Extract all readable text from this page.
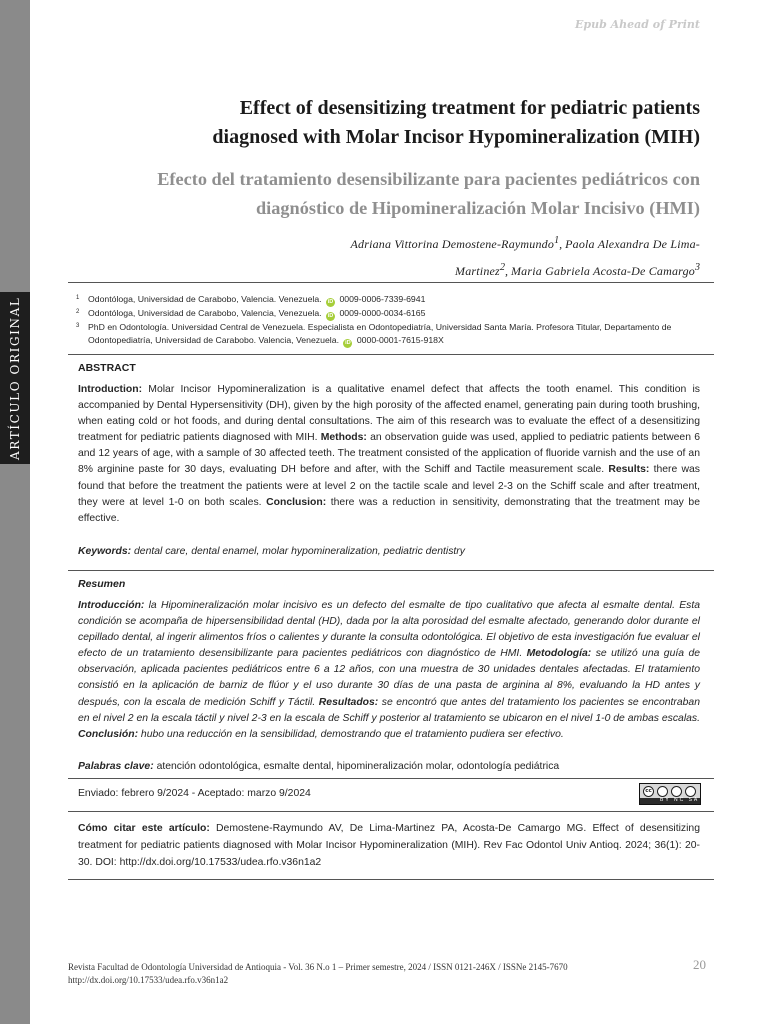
ARTÍCULO ORIGINAL
Epub Ahead of Print
Effect of desensitizing treatment for pediatric patients
diagnosed with Molar Incisor Hypomineralization (MIH)
Efecto del tratamiento desensibilizante para pacientes pediátricos con
diagnóstico de Hipomineralización Molar Incisivo (HMI)
Adriana Vittorina Demostene-Raymundo$^1$, Paola Alexandra De Lima-
Martinez$^2$, Maria Gabriela Acosta-De Camargo$^3$
1 Odontóloga, Universidad de Carabobo, Valencia. Venezuela. iD 0009-0006-7339-6941
2 Odontóloga, Universidad de Carabobo, Valencia, Venezuela. iD 0009-0000-0034-6165
3 PhD en Odontología. Universidad Central de Venezuela. Especialista en Odontopediatría, Universidad Santa María. Profesora Titular, Departamento de Odontopediatría, Universidad de Carabobo. Valencia, Venezuela. iD 0000-0001-7615-918X
ABSTRACT
Introduction: Molar Incisor Hypomineralization is a qualitative enamel defect that affects the tooth enamel. This condition is accompanied by Dental Hypersensitivity (DH), given by the high porosity of the affected enamel, generating pain during tooth brushing, when eating cold or hot foods, and during dental consultations. The aim of this research was to evaluate the effect of a desensitizing treatment for pediatric patients diagnosed with MIH. Methods: an observation guide was used, applied to pediatric patients between 6 and 12 years of age, with a sample of 30 affected teeth. The treatment consisted of the application of fluoride varnish and the use of an 8% arginine paste for 30 days, evaluating DH before and after, with the Schiff and Tactile measurement scale. Results: there was found that before the treatment the patients were at level 2 on the tactile scale and level 2-3 on the Schiff scale and after treatment, they were at level 1-0 on both scales. Conclusion: there was a reduction in sensitivity, demonstrating that the treatment may be effective.
Keywords: dental care, dental enamel, molar hypomineralization, pediatric dentistry
Resumen
Introducción: la Hipomineralización molar incisivo es un defecto del esmalte de tipo cualitativo que afecta al esmalte dental. Esta condición se acompaña de hipersensibilidad dental (HD), dada por la alta porosidad del esmalte afectado, generando dolor durante el cepillado dental, al ingerir alimentos fríos o calientes y durante la consulta odontológica. El objetivo de esta investigación fue evaluar el efecto de un tratamiento desensibilizante para pacientes pediátricos con diagnóstico de HMI. Metodología: se utilizó una guía de observación, aplicada pacientes pediátricos entre 6 a 12 años, con una muestra de 30 unidades dentales afectadas. El tratamiento consistió en la aplicación de barniz de flúor y el uso durante 30 días de una pasta de arginina al 8%, evaluando la HD antes y después, con la escala de medición Schiff y Táctil. Resultados: se encontró que antes del tratamiento los pacientes se encontraban en el nivel 2 en la escala táctil y nivel 2-3 en la escala de Schiff y posterior al tratamiento se ubicaron en el nivel 1-0 de ambas escalas. Conclusión: hubo una reducción en la sensibilidad, demostrando que el tratamiento pudiera ser efectivo.
Palabras clave: atención odontológica, esmalte dental, hipomineralización molar, odontología pediátrica
Enviado: febrero 9/2024 - Aceptado: marzo 9/2024	cc
BY NC SA
Cómo citar este artículo: Demostene-Raymundo AV, De Lima-Martinez PA, Acosta-De Camargo MG. Effect of desensitizing treatment for pediatric patients diagnosed with Molar Incisor Hypomineralization (MIH). Rev Fac Odontol Univ Antioq. 2024; 36(1): 20-30. DOI: http://dx.doi.org/10.17533/udea.rfo.v36n1a2
Revista Facultad de Odontología Universidad de Antioquia - Vol. 36 N.o 1 – Primer semestre, 2024 / ISSN 0121-246X / ISSNe 2145-7670
http://dx.doi.org/10.17533/udea.rfo.v36n1a2
20
